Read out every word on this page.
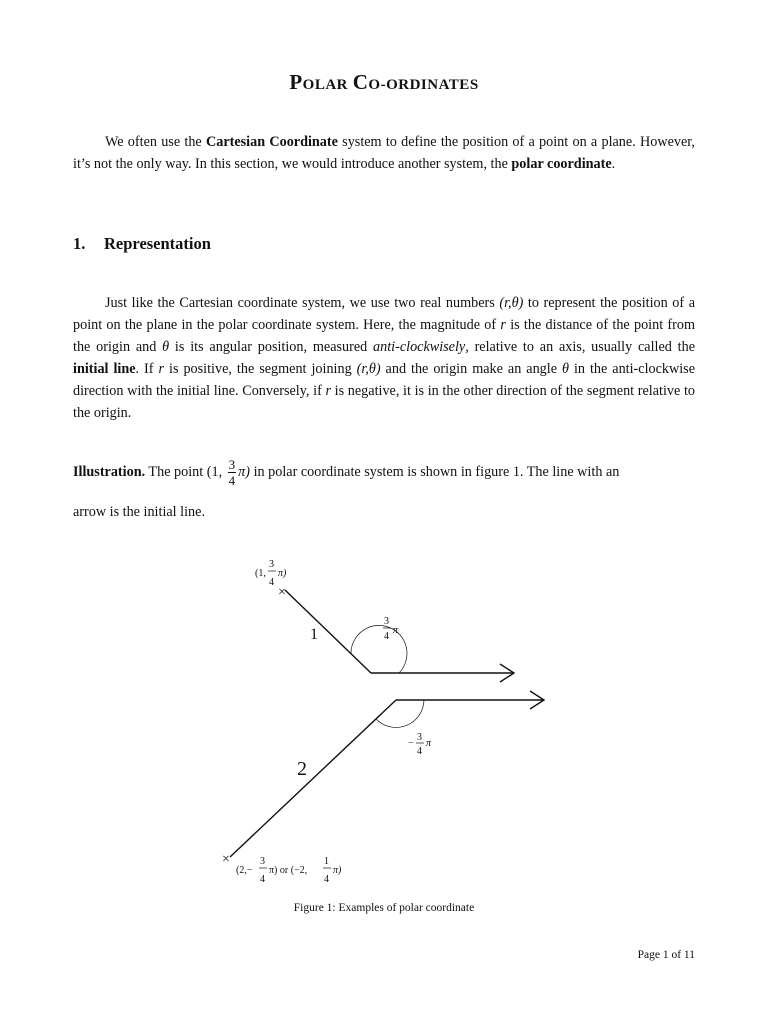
POLAR CO-ORDINATES

We often use the Cartesian Coordinate system to define the position of a point on a plane. However, it’s not the only way. In this section, we would introduce another system, the polar coordinate.

1. Representation

Just like the Cartesian coordinate system, we use two real numbers (r,θ) to represent the position of a point on the plane in the polar coordinate system. Here, the magnitude of r is the distance of the point from the origin and θ is its angular position, measured anti-clockwisely, relative to an axis, usually called the initial line. If r is positive, the segment joining (r,θ) and the origin make an angle θ in the anti-clockwise direction with the initial line. Conversely, if r is negative, it is in the other direction of the segment relative to the origin.

Illustration. The point (1, $\frac{3}{4} \pi$) in polar coordinate system is shown in figure 1. The line with an

arrow is the initial line.

×
×
(1,
3
4
π)
3
4
π
1
−
3
4
π
2
(2,−
3
4
π) or (−2,
1
4
π)
Figure 1: Examples of polar coordinate
Page 1 of 11
